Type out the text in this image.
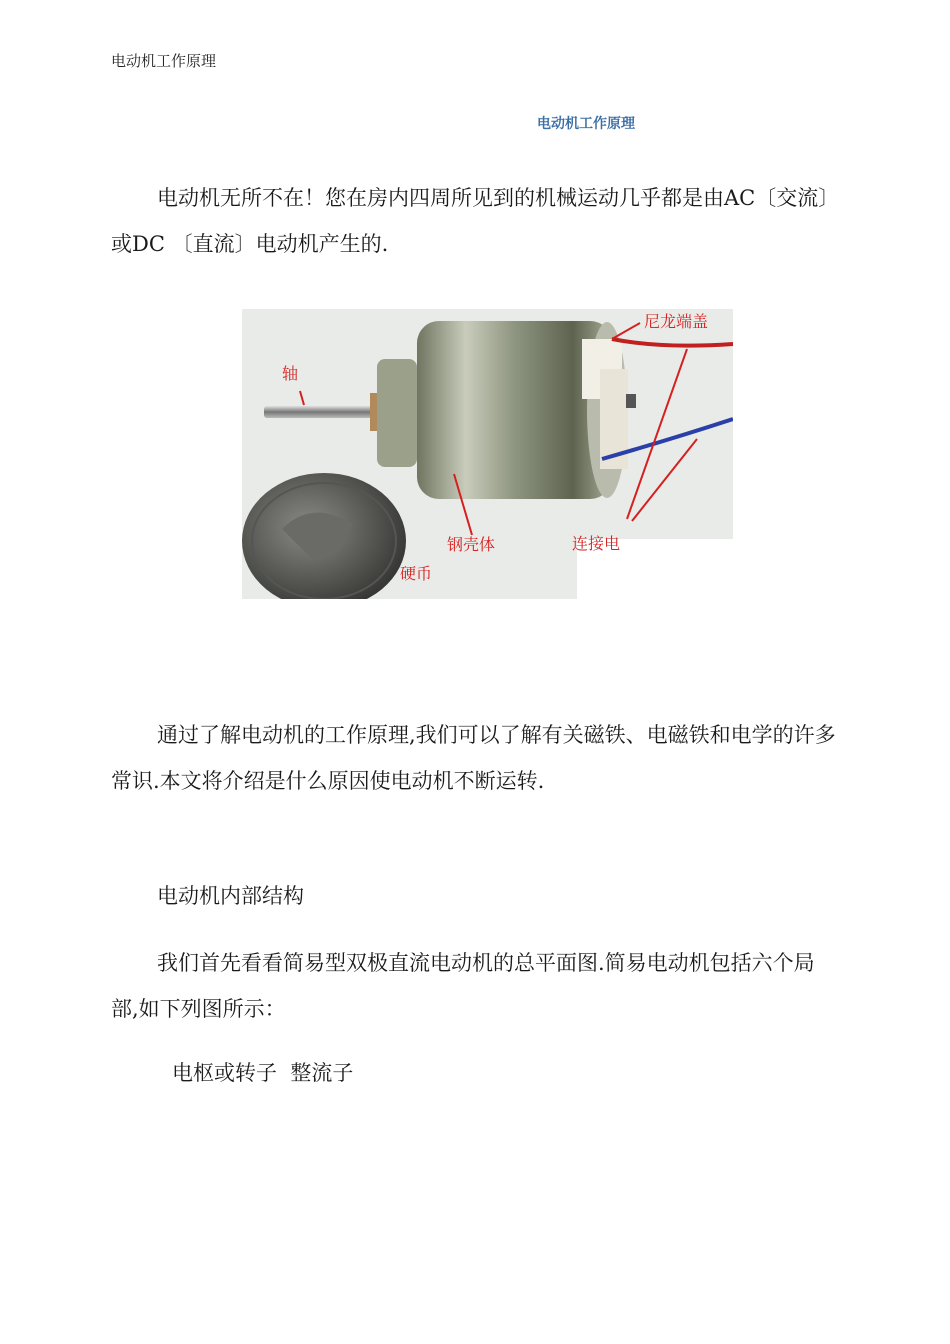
电动机工作原理
电动机工作原理
电动机无所不在！您在房内四周所见到的机械运动几乎都是由AC〔交流〕或DC 〔直流〕电动机产生的.
轴
尼龙端盖
钢壳体	连接电
硬币
通过了解电动机的工作原理,我们可以了解有关磁铁、电磁铁和电学的许多常识.本文将介绍是什么原因使电动机不断运转.
电动机内部结构
我们首先看看简易型双极直流电动机的总平面图.简易电动机包括六个局部,如下列图所示：
电枢或转子  整流子
